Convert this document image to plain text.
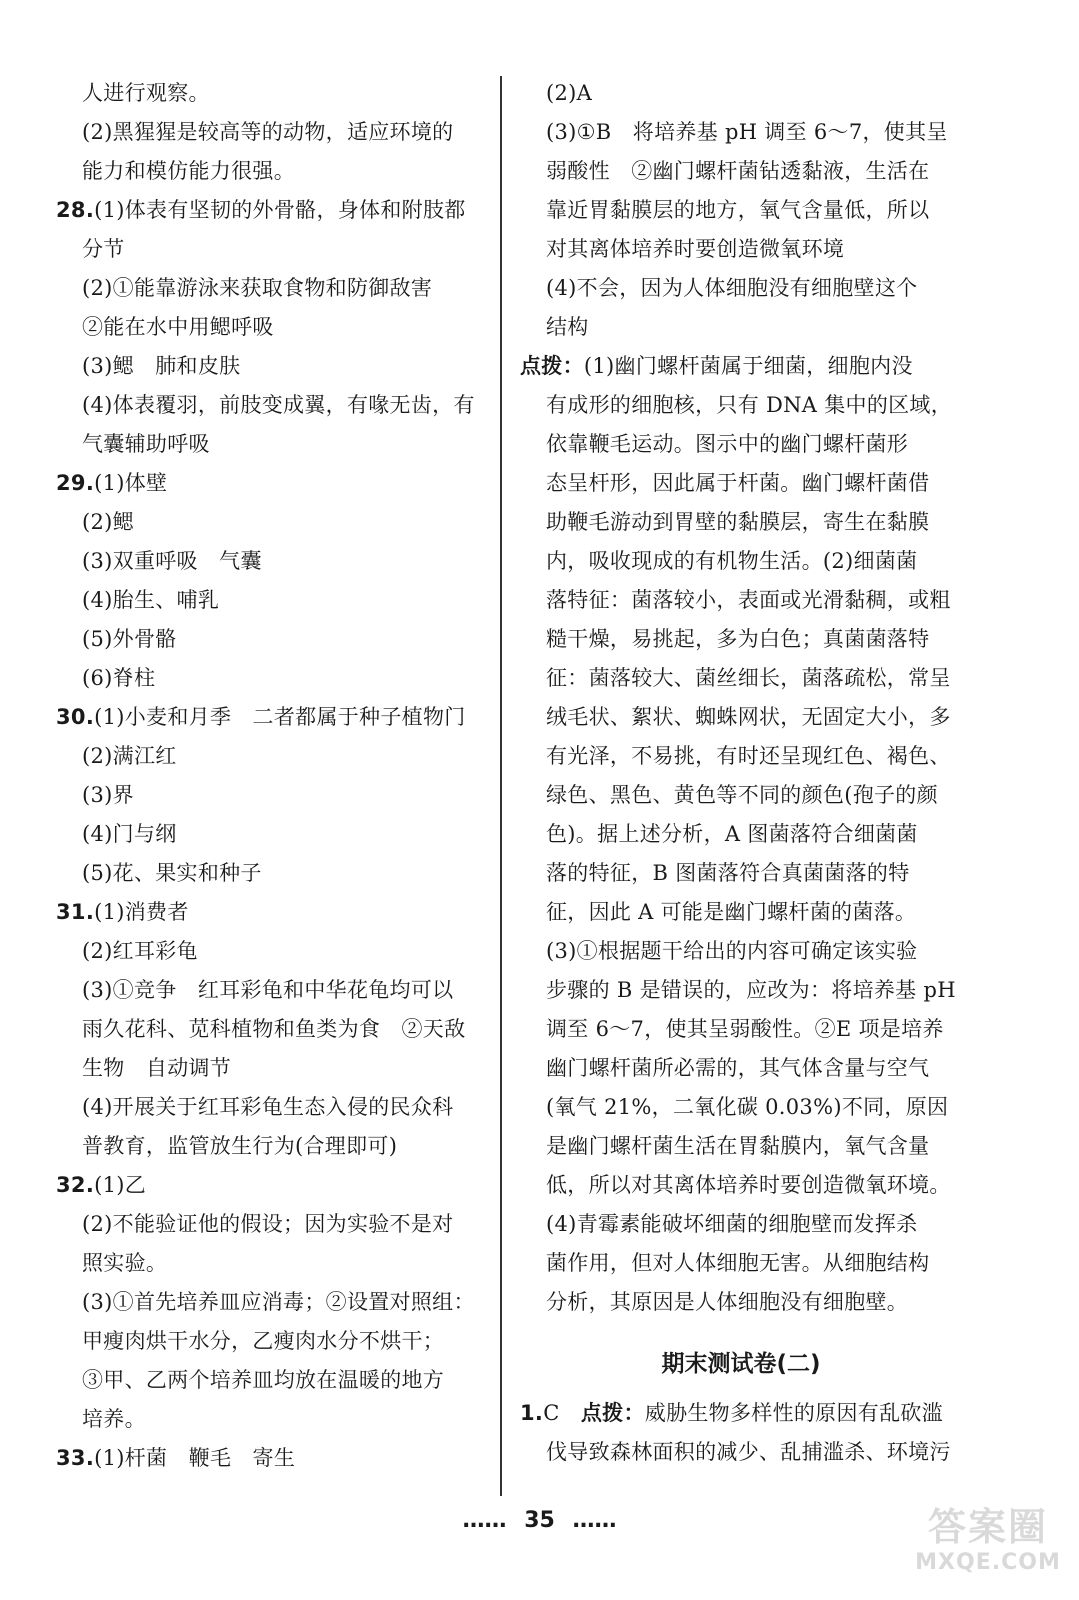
人进行观察。
(2)黑猩猩是较高等的动物，适应环境的
能力和模仿能力很强。
28.(1)体表有坚韧的外骨骼，身体和附肢都
分节
(2)①能靠游泳来获取食物和防御敌害
②能在水中用鳃呼吸
(3)鳃　肺和皮肤
(4)体表覆羽，前肢变成翼，有喙无齿，有
气囊辅助呼吸
29.(1)体壁
(2)鳃
(3)双重呼吸　气囊
(4)胎生、哺乳
(5)外骨骼
(6)脊柱
30.(1)小麦和月季　二者都属于种子植物门
(2)满江红
(3)界
(4)门与纲
(5)花、果实和种子
31.(1)消费者
(2)红耳彩龟
(3)①竞争　红耳彩龟和中华花龟均可以
雨久花科、苋科植物和鱼类为食　②天敌
生物　自动调节
(4)开展关于红耳彩龟生态入侵的民众科
普教育，监管放生行为(合理即可)
32.(1)乙
(2)不能验证他的假设；因为实验不是对
照实验。
(3)①首先培养皿应消毒；②设置对照组：
甲瘦肉烘干水分，乙瘦肉水分不烘干；
③甲、乙两个培养皿均放在温暖的地方
培养。
33.(1)杆菌　鞭毛　寄生
(2)A
(3)①B　将培养基 pH 调至 6～7，使其呈
弱酸性　②幽门螺杆菌钻透黏液，生活在
靠近胃黏膜层的地方，氧气含量低，所以
对其离体培养时要创造微氧环境
(4)不会，因为人体细胞没有细胞壁这个
结构
点拨：(1)幽门螺杆菌属于细菌，细胞内没
有成形的细胞核，只有 DNA 集中的区域，
依靠鞭毛运动。图示中的幽门螺杆菌形
态呈杆形，因此属于杆菌。幽门螺杆菌借
助鞭毛游动到胃壁的黏膜层，寄生在黏膜
内，吸收现成的有机物生活。(2)细菌菌
落特征：菌落较小，表面或光滑黏稠，或粗
糙干燥，易挑起，多为白色；真菌菌落特
征：菌落较大、菌丝细长，菌落疏松，常呈
绒毛状、絮状、蜘蛛网状，无固定大小，多
有光泽，不易挑，有时还呈现红色、褐色、
绿色、黑色、黄色等不同的颜色(孢子的颜
色)。据上述分析，A 图菌落符合细菌菌
落的特征，B 图菌落符合真菌菌落的特
征，因此 A 可能是幽门螺杆菌的菌落。
(3)①根据题干给出的内容可确定该实验
步骤的 B 是错误的，应改为：将培养基 pH
调至 6～7，使其呈弱酸性。②E 项是培养
幽门螺杆菌所必需的，其气体含量与空气
(氧气 21%，二氧化碳 0.03%)不同，原因
是幽门螺杆菌生活在胃黏膜内，氧气含量
低，所以对其离体培养时要创造微氧环境。
(4)青霉素能破坏细菌的细胞壁而发挥杀
菌作用，但对人体细胞无害。从细胞结构
分析，其原因是人体细胞没有细胞壁。
期末测试卷(二)
1.C　点拨：威胁生物多样性的原因有乱砍滥
伐导致森林面积的减少、乱捕滥杀、环境污
…… 35 ……	答案圈
MXQE.COM
